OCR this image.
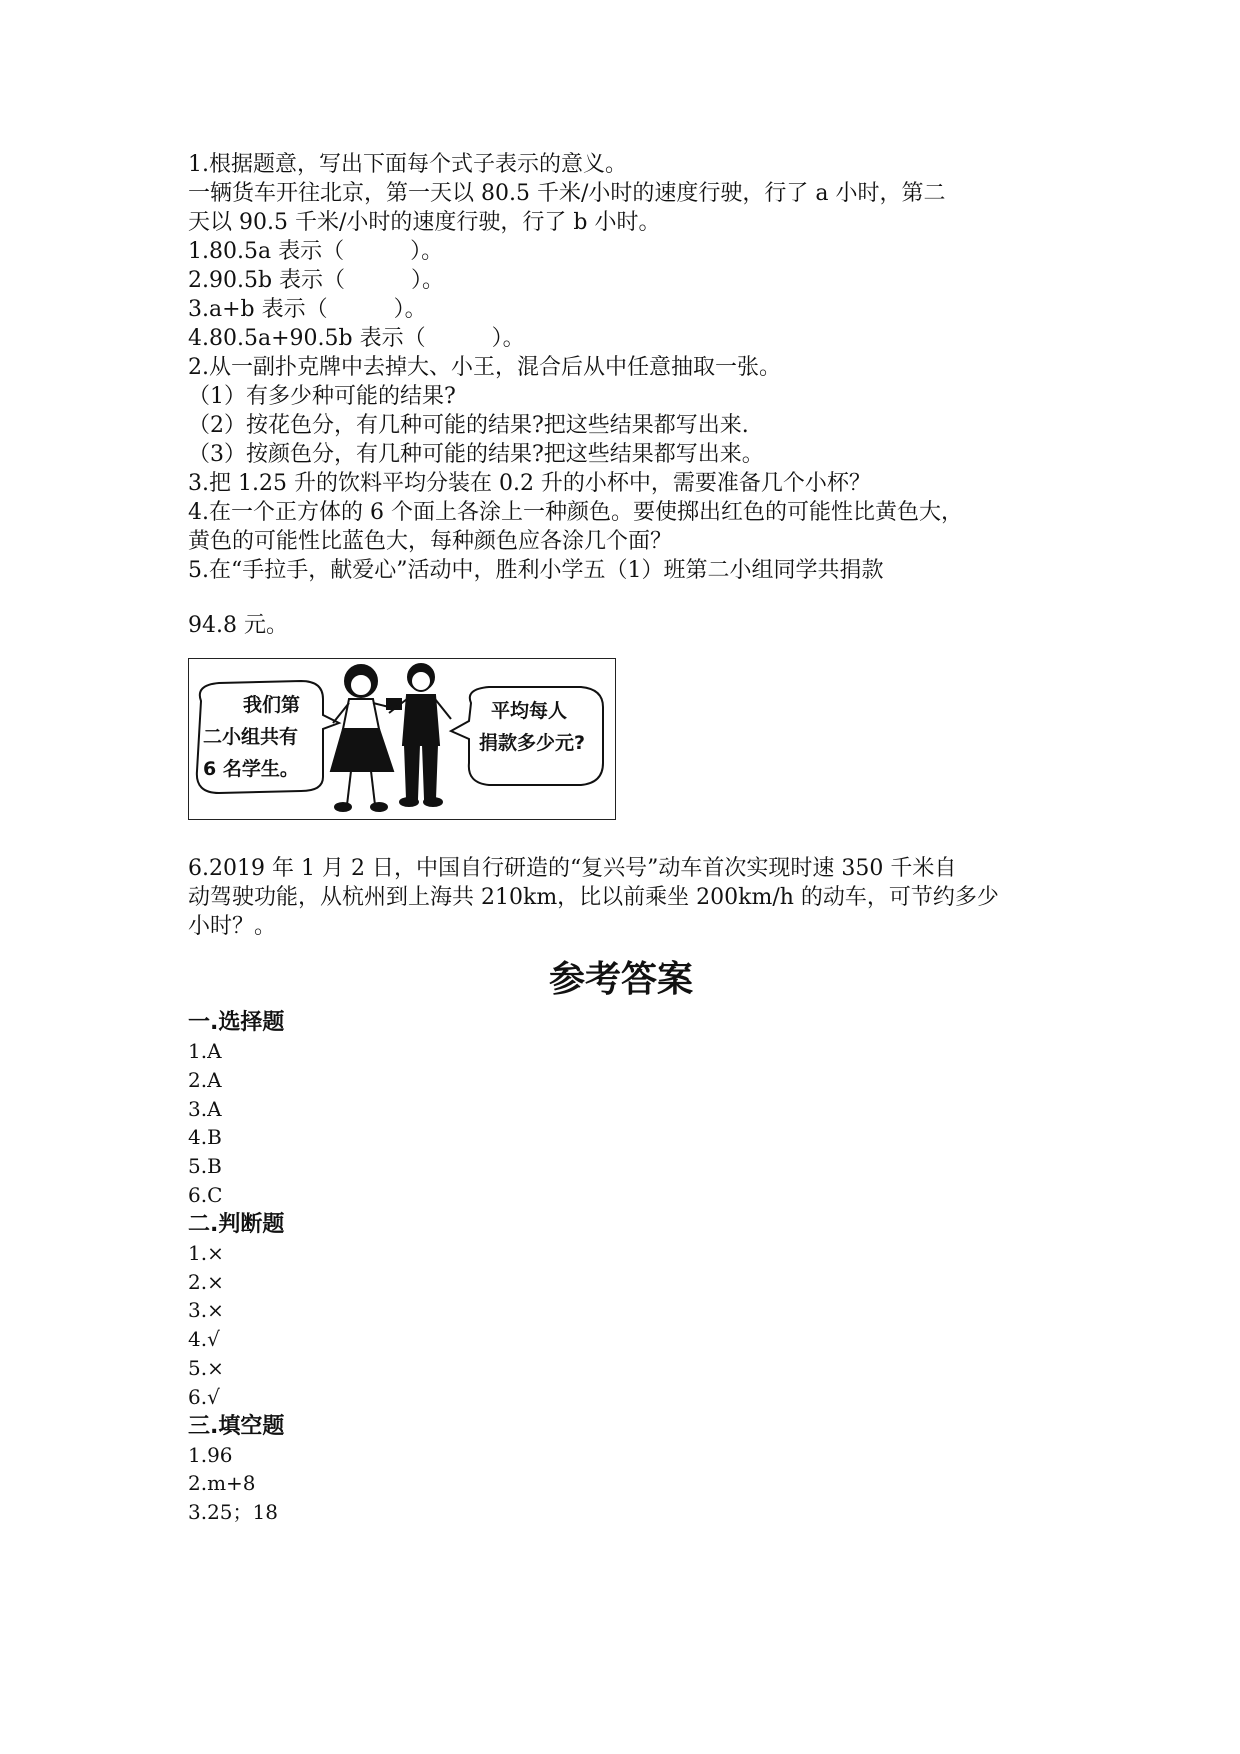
1.根据题意，写出下面每个式子表示的意义。
一辆货车开往北京，第一天以 80.5 千米/小时的速度行驶，行了 a 小时，第二
天以 90.5 千米/小时的速度行驶，行了 b 小时。
1.80.5a 表示（　　　）。
2.90.5b 表示（　　　）。
3.a+b 表示（　　　）。
4.80.5a+90.5b 表示（　　　）。
2.从一副扑克牌中去掉大、小王，混合后从中任意抽取一张。
（1）有多少种可能的结果?
（2）按花色分，有几种可能的结果?把这些结果都写出来.
（3）按颜色分，有几种可能的结果?把这些结果都写出来。
3.把 1.25 升的饮料平均分装在 0.2 升的小杯中，需要准备几个小杯？
4.在一个正方体的 6 个面上各涂上一种颜色。要使掷出红色的可能性比黄色大，
黄色的可能性比蓝色大，每种颜色应各涂几个面？
5.在“手拉手，献爱心”活动中，胜利小学五（1）班第二小组同学共捐款
94.8 元。
我们第
二小组共有
6 名学生。
平均每人
捐款多少元?
6.2019 年 1 月 2 日，中国自行研造的“复兴号”动车首次实现时速 350 千米自
动驾驶功能，从杭州到上海共 210km，比以前乘坐 200km/h 的动车，可节约多少
小时？。
参考答案
一.选择题
1.A
2.A
3.A
4.B
5.B
6.C
二.判断题
1.×
2.×
3.×
4.√
5.×
6.√
三.填空题
1.96
2.m+8
3.25；18
